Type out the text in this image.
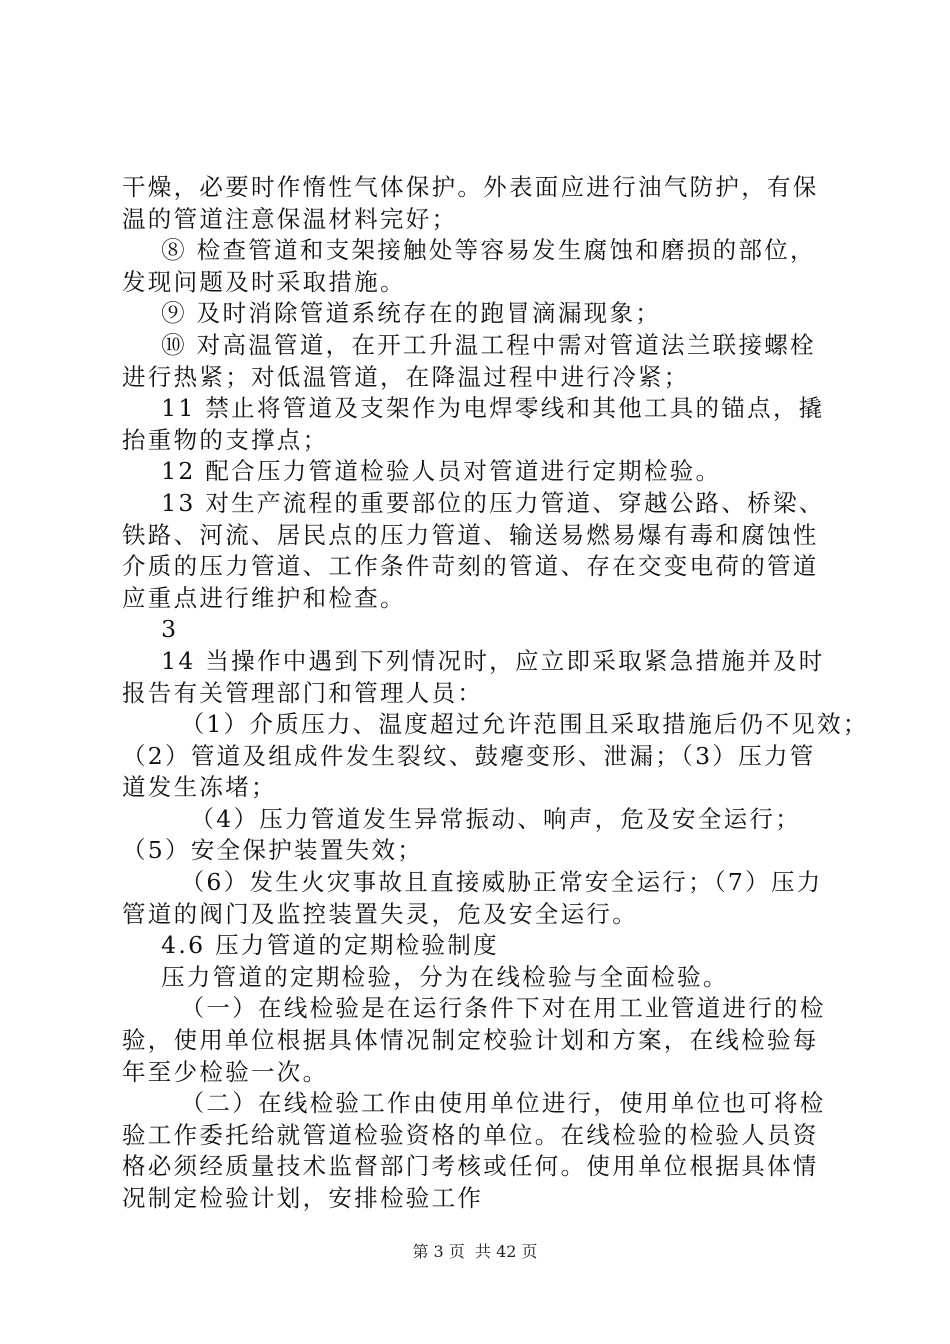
干燥，必要时作惰性气体保护。外表面应进行油气防护，有保
温的管道注意保温材料完好；
⑧ 检查管道和支架接触处等容易发生腐蚀和磨损的部位，
发现问题及时采取措施。
⑨ 及时消除管道系统存在的跑冒滴漏现象；
⑩ 对高温管道，在开工升温工程中需对管道法兰联接螺栓
进行热紧；对低温管道，在降温过程中进行冷紧；
11 禁止将管道及支架作为电焊零线和其他工具的锚点，撬
抬重物的支撑点；
12 配合压力管道检验人员对管道进行定期检验。
13 对生产流程的重要部位的压力管道、穿越公路、桥梁、
铁路、河流、居民点的压力管道、输送易燃易爆有毒和腐蚀性
介质的压力管道、工作条件苛刻的管道、存在交变电荷的管道
应重点进行维护和检查。
3
14 当操作中遇到下列情况时，应立即采取紧急措施并及时
报告有关管理部门和管理人员：
（1）介质压力、温度超过允许范围且采取措施后仍不见效；
（2）管道及组成件发生裂纹、鼓瘪变形、泄漏；（3）压力管
道发生冻堵；
（4）压力管道发生异常振动、响声，危及安全运行；
（5）安全保护装置失效；
（6）发生火灾事故且直接威胁正常安全运行；（7）压力
管道的阀门及监控装置失灵，危及安全运行。
4.6 压力管道的定期检验制度
压力管道的定期检验，分为在线检验与全面检验。
（一）在线检验是在运行条件下对在用工业管道进行的检
验，使用单位根据具体情况制定校验计划和方案，在线检验每
年至少检验一次。
（二）在线检验工作由使用单位进行，使用单位也可将检
验工作委托给就管道检验资格的单位。在线检验的检验人员资
格必须经质量技术监督部门考核或任何。使用单位根据具体情
况制定检验计划，安排检验工作
第 3 页  共 42 页
